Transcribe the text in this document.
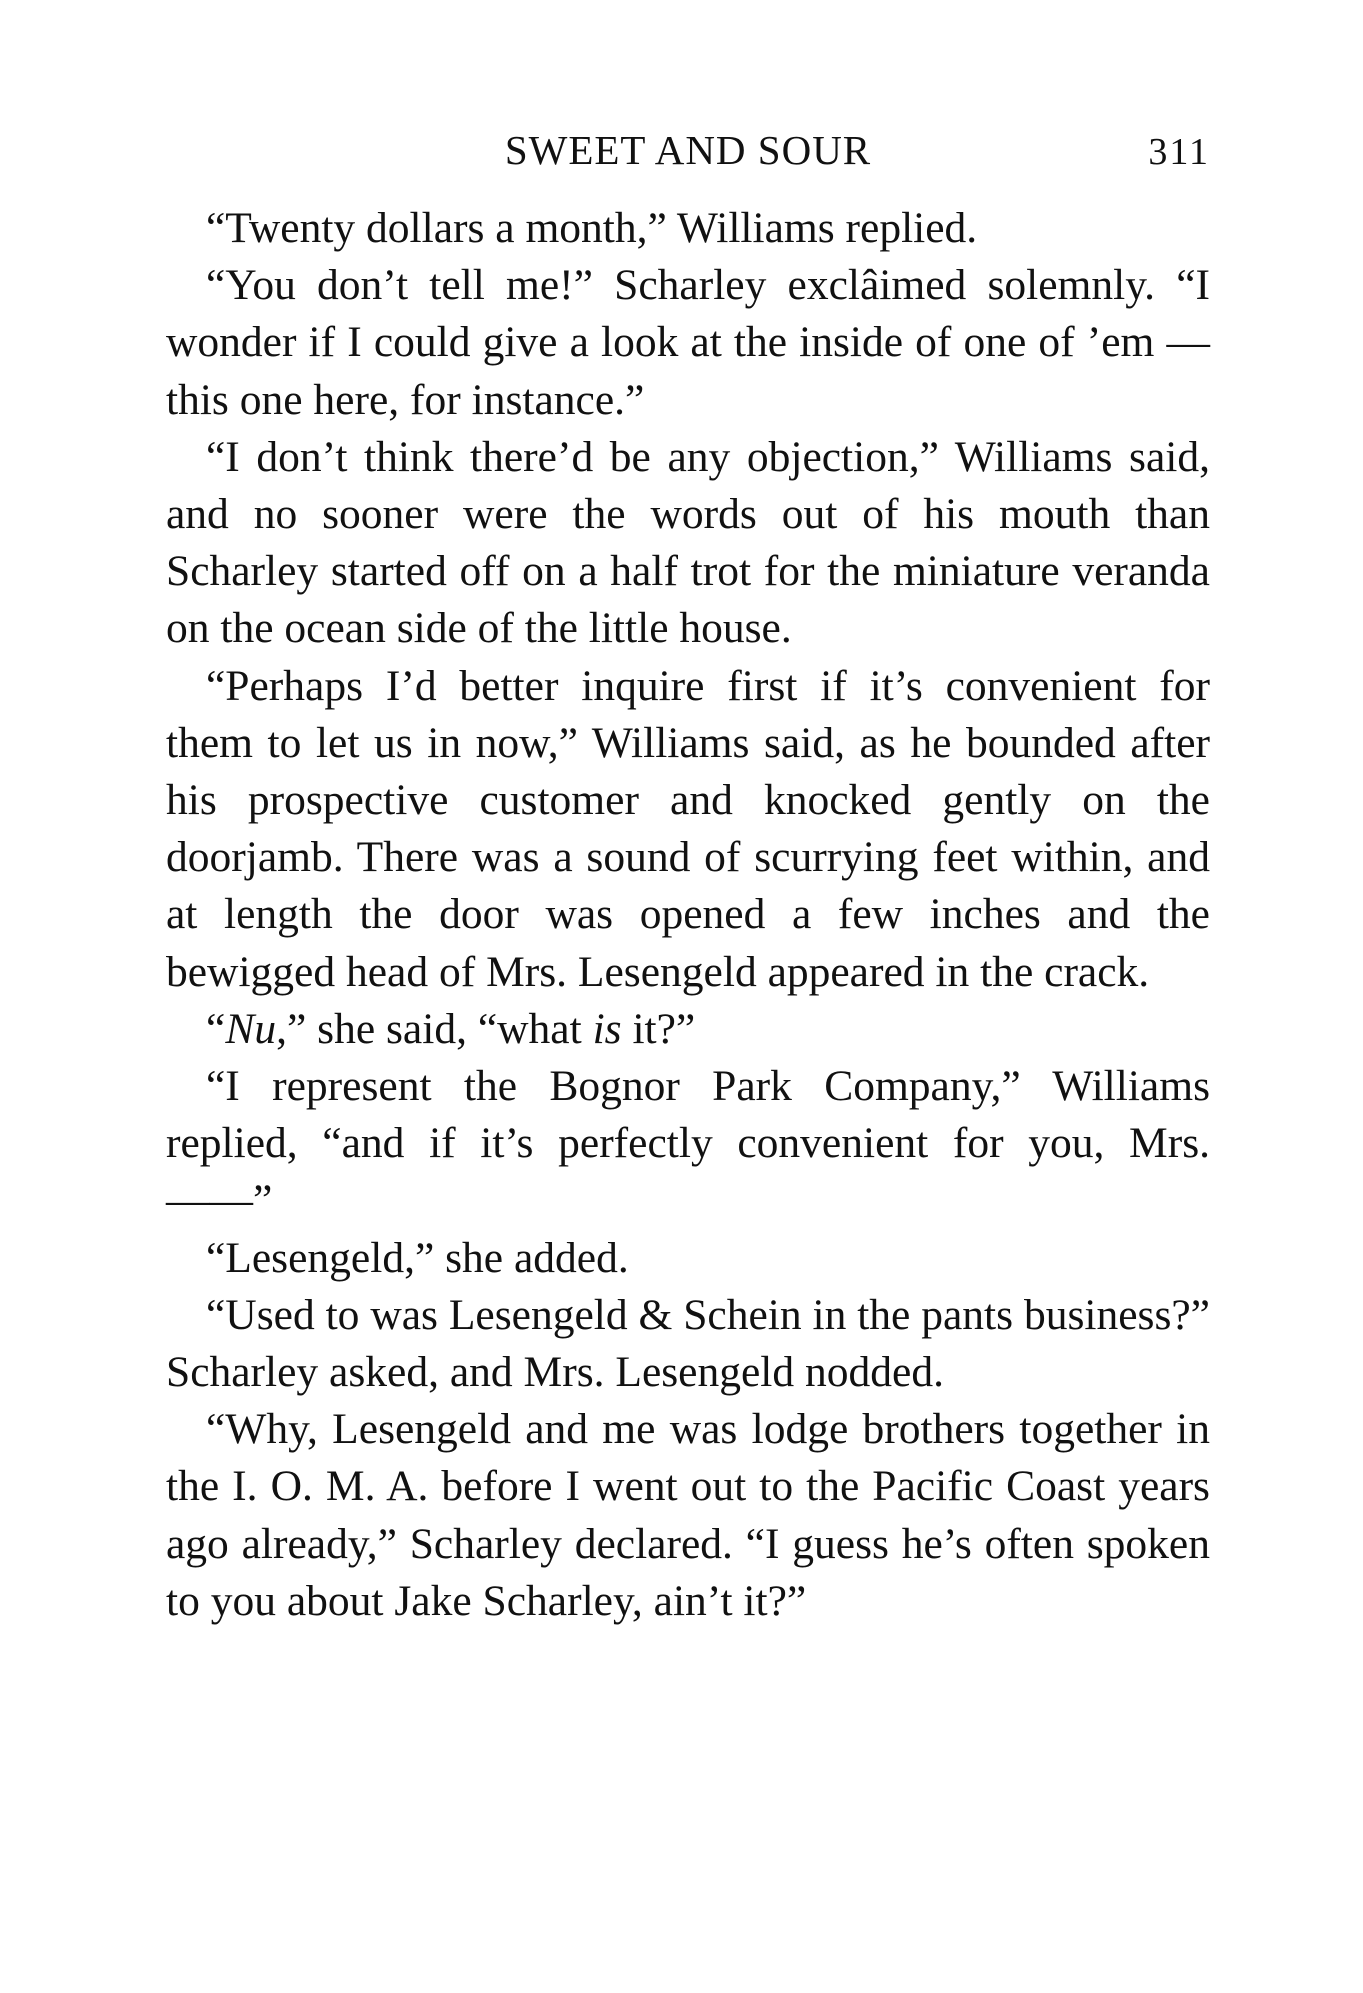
SWEET AND SOUR	311

“Twenty dollars a month,” Williams replied.

“You don’t tell me!” Scharley exclâimed solemnly. “I wonder if I could give a look at the inside of one of ’em — this one here, for instance.”

“I don’t think there’d be any objection,” Williams said, and no sooner were the words out of his mouth than Scharley started off on a half trot for the miniature veranda on the ocean side of the little house.

“Perhaps I’d better inquire first if it’s convenient for them to let us in now,” Williams said, as he bounded after his prospective customer and knocked gently on the doorjamb. There was a sound of scurrying feet within, and at length the door was opened a few inches and the bewigged head of Mrs. Lesengeld appeared in the crack.

“Nu,” she said, “what is it?”

“I represent the Bognor Park Company,” Williams replied, “and if it’s perfectly convenient for you, Mrs. ——”

“Lesengeld,” she added.

“Used to was Lesengeld & Schein in the pants business?” Scharley asked, and Mrs. Lesengeld nodded.

“Why, Lesengeld and me was lodge brothers together in the I. O. M. A. before I went out to the Pacific Coast years ago already,” Scharley declared. “I guess he’s often spoken to you about Jake Scharley, ain’t it?”
